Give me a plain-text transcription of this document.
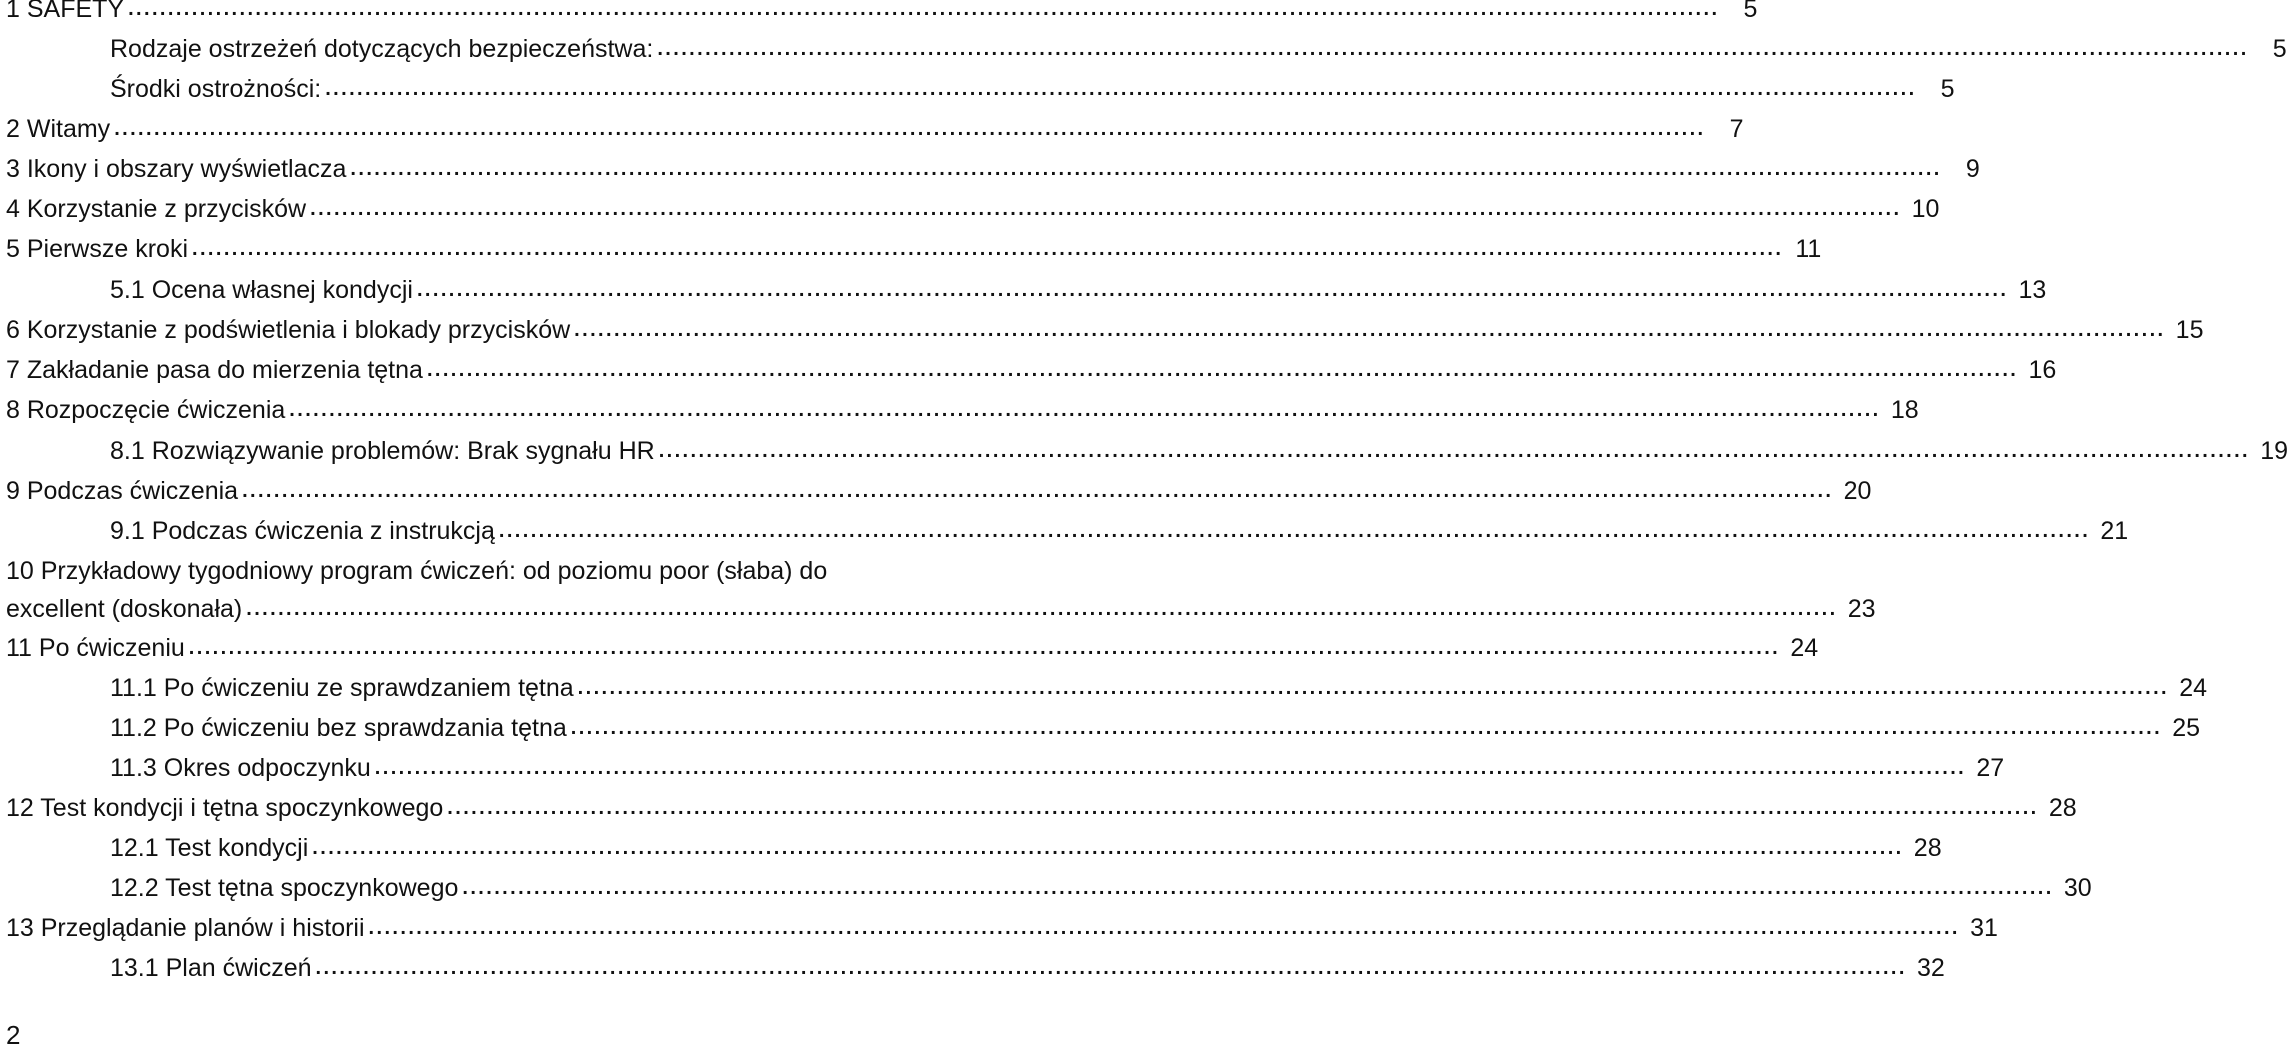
1 SAFETY ........................................................................................................................................................................................................ 5
Rodzaje ostrzeżeń dotyczących bezpieczeństwa: ........................................................................................................................................................................................................ 5
Środki ostrożności: ........................................................................................................................................................................................................ 5
2 Witamy ........................................................................................................................................................................................................ 7
3 Ikony i obszary wyświetlacza ........................................................................................................................................................................................................ 9
4 Korzystanie z przycisków ........................................................................................................................................................................................................ 10
5 Pierwsze kroki ........................................................................................................................................................................................................ 11
5.1 Ocena własnej kondycji ........................................................................................................................................................................................................ 13
6 Korzystanie z podświetlenia i blokady przycisków ........................................................................................................................................................................................................ 15
7 Zakładanie pasa do mierzenia tętna ........................................................................................................................................................................................................ 16
8 Rozpoczęcie ćwiczenia ........................................................................................................................................................................................................ 18
8.1 Rozwiązywanie problemów: Brak sygnału HR ........................................................................................................................................................................................................ 19
9 Podczas ćwiczenia ........................................................................................................................................................................................................ 20
9.1 Podczas ćwiczenia z instrukcją ........................................................................................................................................................................................................ 21
10 Przykładowy tygodniowy program ćwiczeń: od poziomu poor (słaba) do
excellent (doskonała) ........................................................................................................................................................................................................ 23
11 Po ćwiczeniu ........................................................................................................................................................................................................ 24
11.1 Po ćwiczeniu ze sprawdzaniem tętna ........................................................................................................................................................................................................ 24
11.2 Po ćwiczeniu bez sprawdzania tętna ........................................................................................................................................................................................................ 25
11.3 Okres odpoczynku ........................................................................................................................................................................................................ 27
12 Test kondycji i tętna spoczynkowego ........................................................................................................................................................................................................ 28
12.1 Test kondycji ........................................................................................................................................................................................................ 28
12.2 Test tętna spoczynkowego ........................................................................................................................................................................................................ 30
13 Przeglądanie planów i historii ........................................................................................................................................................................................................ 31
13.1 Plan ćwiczeń ........................................................................................................................................................................................................ 32
2
